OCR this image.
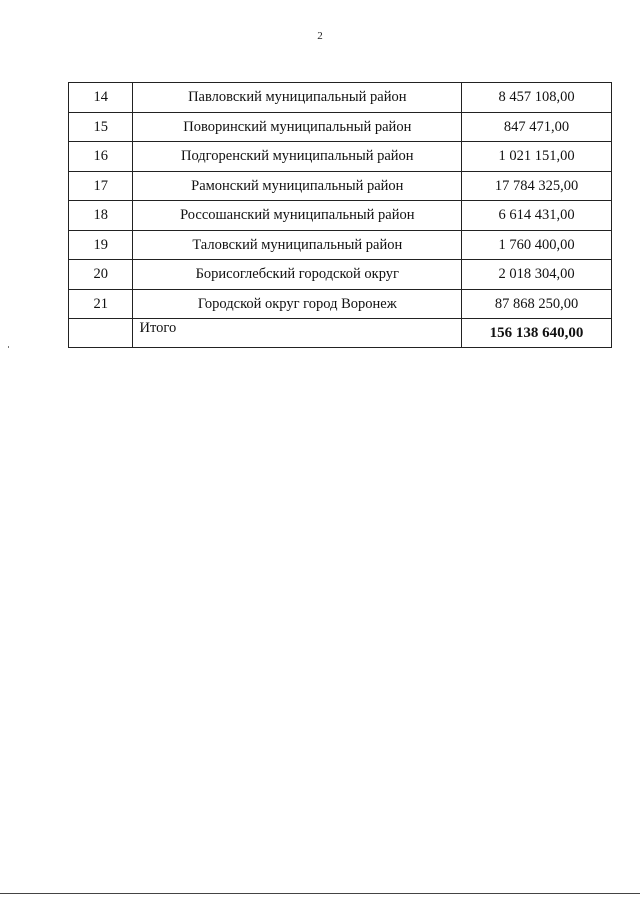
2
14	Павловский муниципальный район	8 457 108,00
15	Поворинский муниципальный район	847 471,00
16	Подгоренский муниципальный район	1 021 151,00
17	Рамонский муниципальный район	17 784 325,00
18	Россошанский муниципальный район	6 614 431,00
19	Таловский муниципальный район	1 760 400,00
20	Борисоглебский городской округ	2 018 304,00
21	Городской округ город Воронеж	87 868 250,00
	Итого	156 138 640,00
